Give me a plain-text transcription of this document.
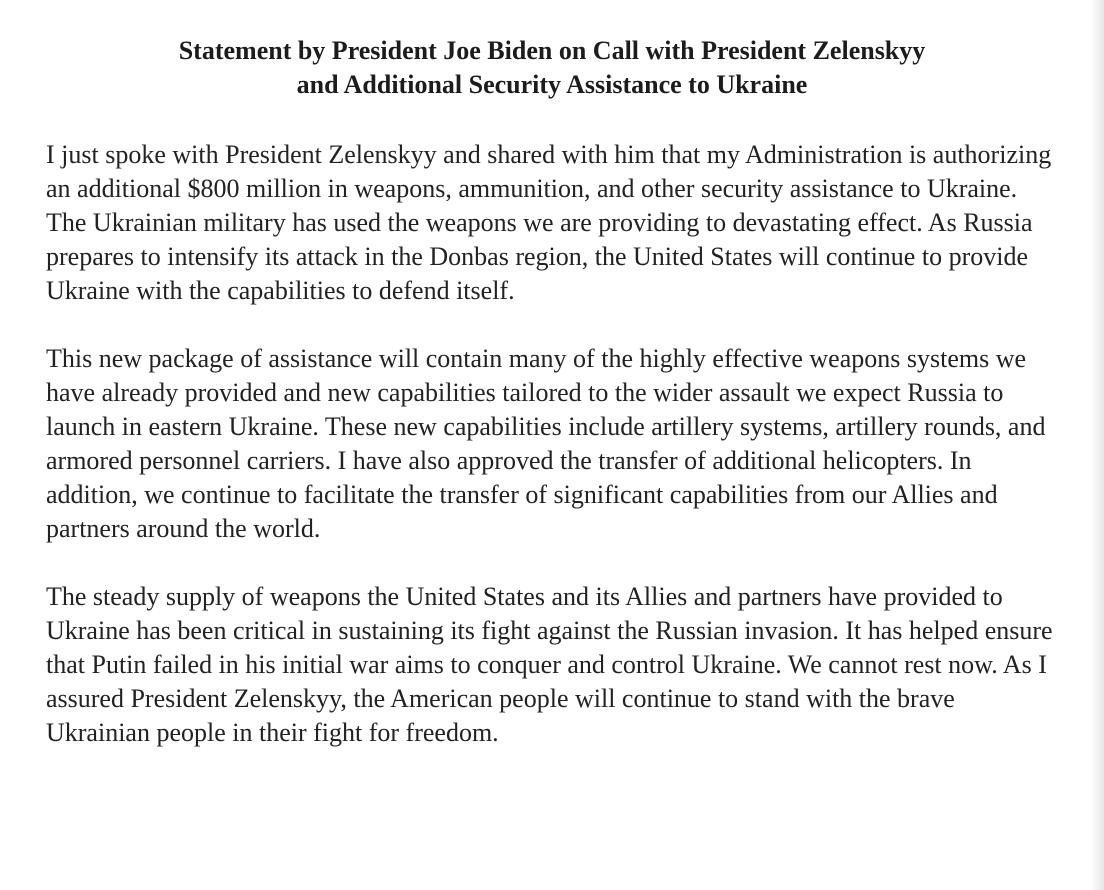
Statement by President Joe Biden on Call with President Zelenskyy
and Additional Security Assistance to Ukraine

I just spoke with President Zelenskyy and shared with him that my Administration is authorizing an additional $800 million in weapons, ammunition, and other security assistance to Ukraine. The Ukrainian military has used the weapons we are providing to devastating effect. As Russia prepares to intensify its attack in the Donbas region, the United States will continue to provide Ukraine with the capabilities to defend itself.

This new package of assistance will contain many of the highly effective weapons systems we have already provided and new capabilities tailored to the wider assault we expect Russia to launch in eastern Ukraine. These new capabilities include artillery systems, artillery rounds, and armored personnel carriers. I have also approved the transfer of additional helicopters. In addition, we continue to facilitate the transfer of significant capabilities from our Allies and partners around the world.

The steady supply of weapons the United States and its Allies and partners have provided to Ukraine has been critical in sustaining its fight against the Russian invasion. It has helped ensure that Putin failed in his initial war aims to conquer and control Ukraine. We cannot rest now. As I assured President Zelenskyy, the American people will continue to stand with the brave Ukrainian people in their fight for freedom.
